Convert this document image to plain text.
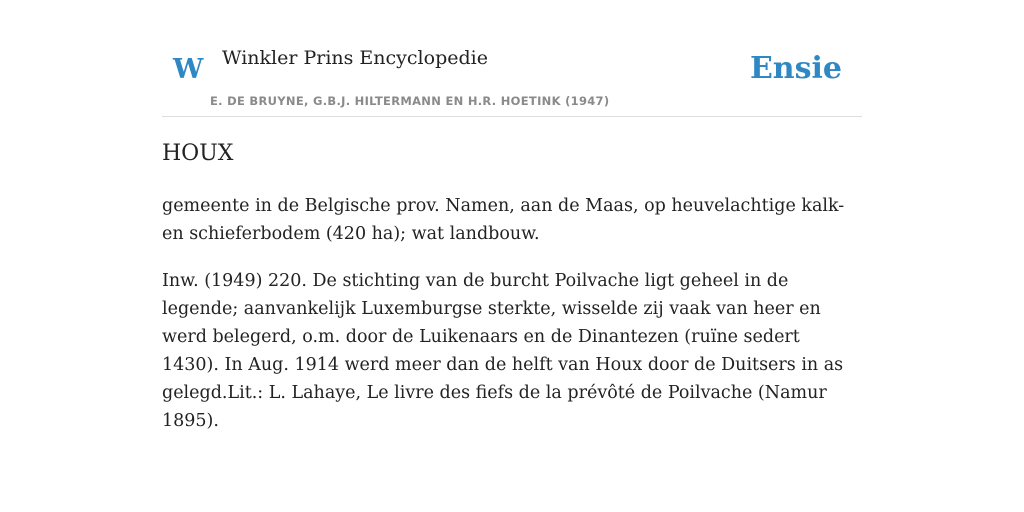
W Winkler Prins Encyclopedie
E. DE BRUYNE, G.B.J. HILTERMANN EN H.R. HOETINK (1947)
Ensie
HOUX

gemeente in de Belgische prov. Namen, aan de Maas, op heuvelachtige kalk- en schieferbodem (420 ha); wat landbouw.

Inw. (1949) 220. De stichting van de burcht Poilvache ligt geheel in de legende; aanvankelijk Luxemburgse sterkte, wisselde zij vaak van heer en werd belegerd, o.m. door de Luikenaars en de Dinantezen (ruïne sedert 1430). In Aug. 1914 werd meer dan de helft van Houx door de Duitsers in as gelegd.Lit.: L. Lahaye, Le livre des fiefs de la prévôté de Poilvache (Namur 1895).
